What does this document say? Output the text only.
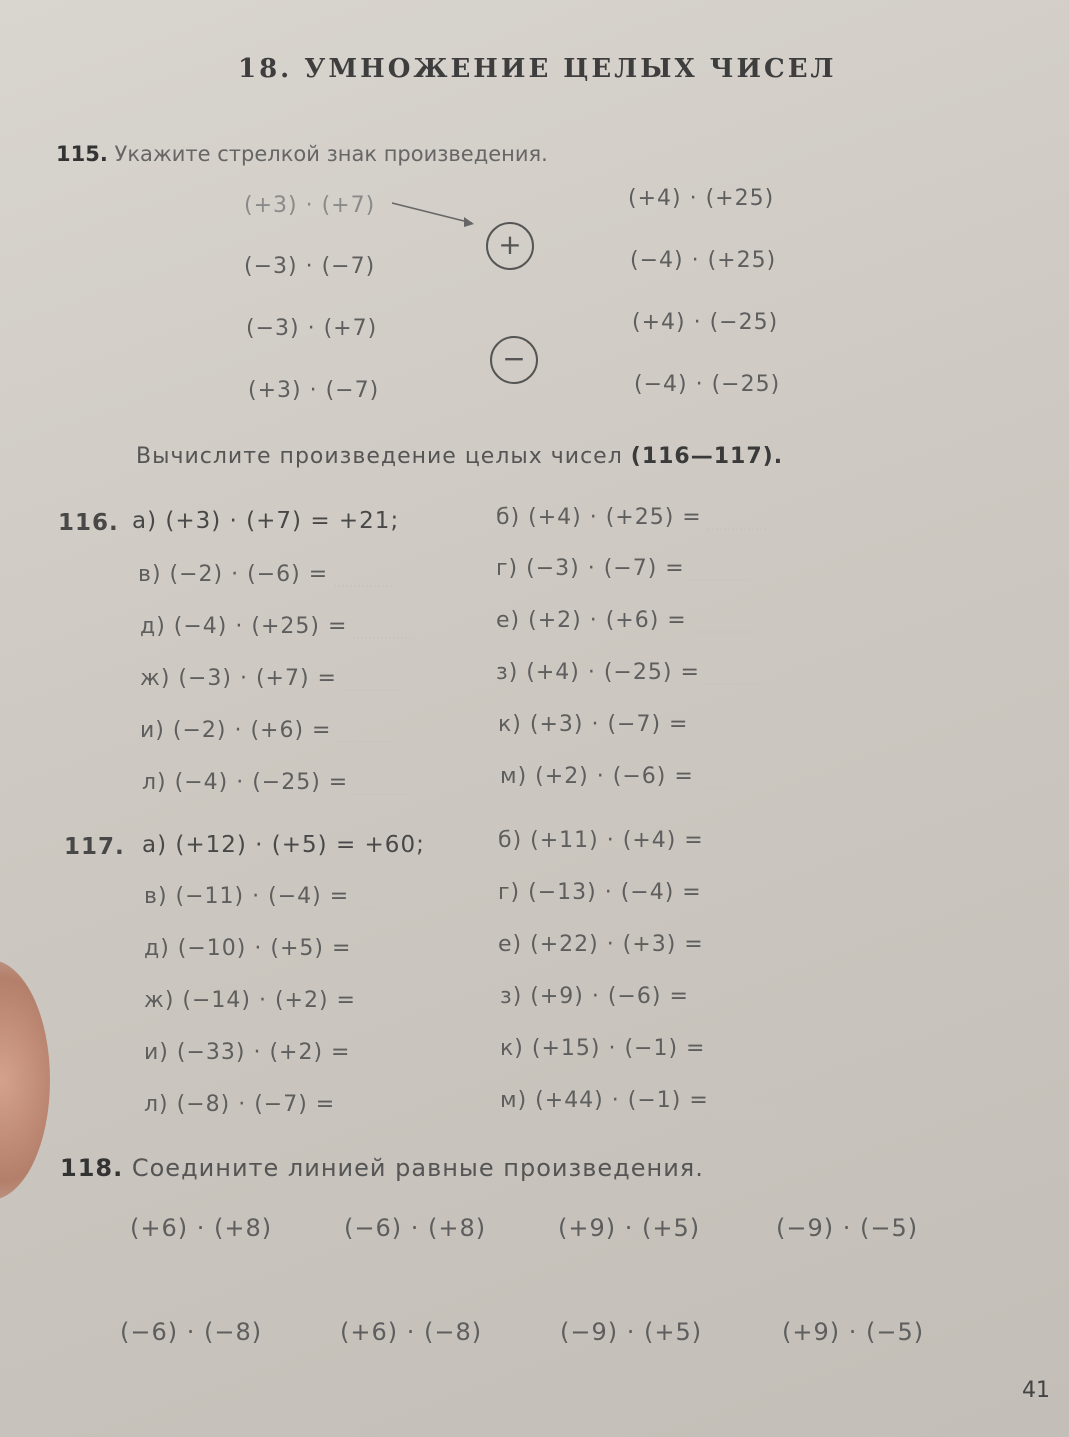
18. УМНОЖЕНИЕ ЦЕЛЫХ ЧИСЕЛ
115. Укажите стрелкой знак произведения.
(+3) · (+7)
(−3) · (−7)
(−3) · (+7)
(+3) · (−7)
+
−
(+4) · (+25)
(−4) · (+25)
(+4) · (−25)
(−4) · (−25)
Вычислите произведение целых чисел (116—117).
116. а) (+3) · (+7) = +21;
в) (−2) · (−6) =
д) (−4) · (+25) =
ж) (−3) · (+7) =
и) (−2) · (+6) =
л) (−4) · (−25) =
б) (+4) · (+25) =
г) (−3) · (−7) =
е) (+2) · (+6) =
з) (+4) · (−25) =
к) (+3) · (−7) =
м) (+2) · (−6) =
117. а) (+12) · (+5) = +60;
в) (−11) · (−4) =
д) (−10) · (+5) =
ж) (−14) · (+2) =
и) (−33) · (+2) =
л) (−8) · (−7) =
б) (+11) · (+4) =
г) (−13) · (−4) =
е) (+22) · (+3) =
з) (+9) · (−6) =
к) (+15) · (−1) =
м) (+44) · (−1) =
118. Соедините линией равные произведения.
(+6) · (+8)	(−6) · (+8)	(+9) · (+5)	(−9) · (−5)
(−6) · (−8)	(+6) · (−8)	(−9) · (+5)	(+9) · (−5)
41
